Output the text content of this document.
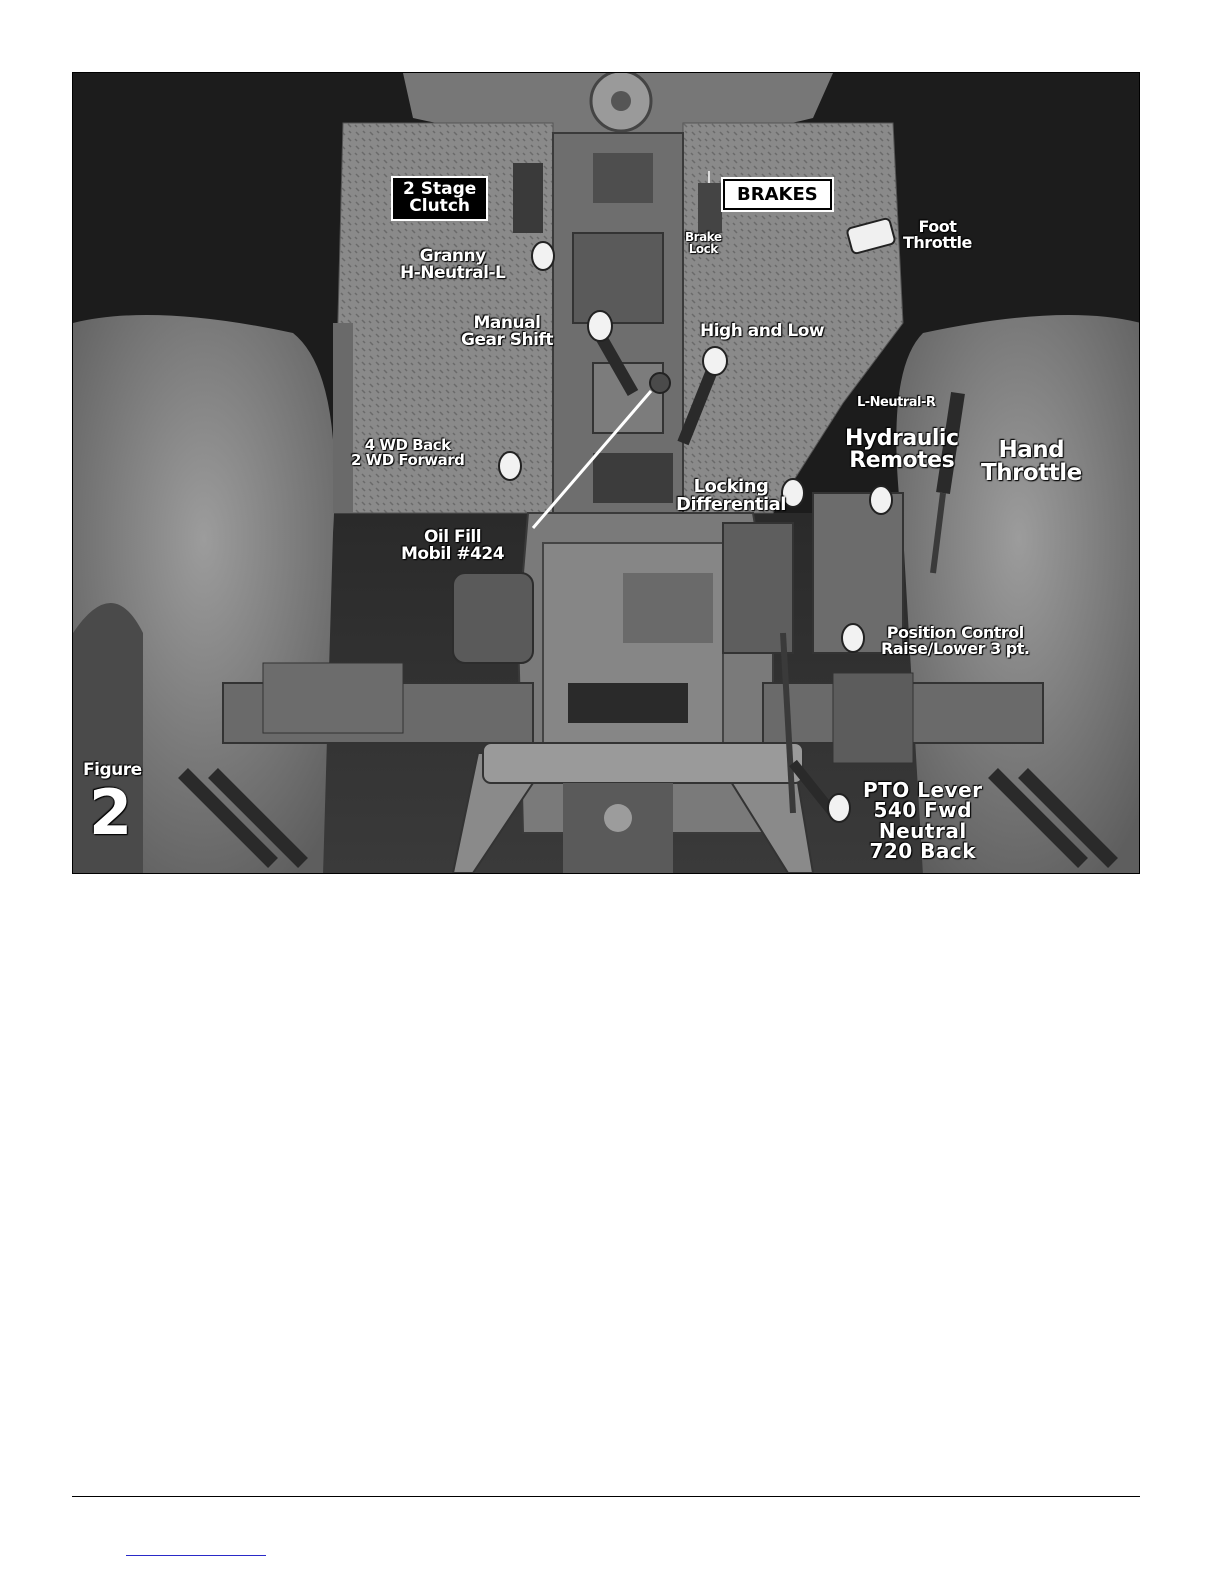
2 Stage
Clutch
BRAKES
Brake
Lock
Foot
Throttle
Granny
H-Neutral-L
Manual
Gear Shift	High and Low
L-Neutral-R
Hydraulic
Remotes	Hand
Throttle
4 WD Back
2 WD Forward
Locking
Differential
Oil Fill
Mobil #424
Position Control
Raise/Lower 3 pt.
PTO Lever
540 Fwd
Neutral
720 Back
Figure
2
